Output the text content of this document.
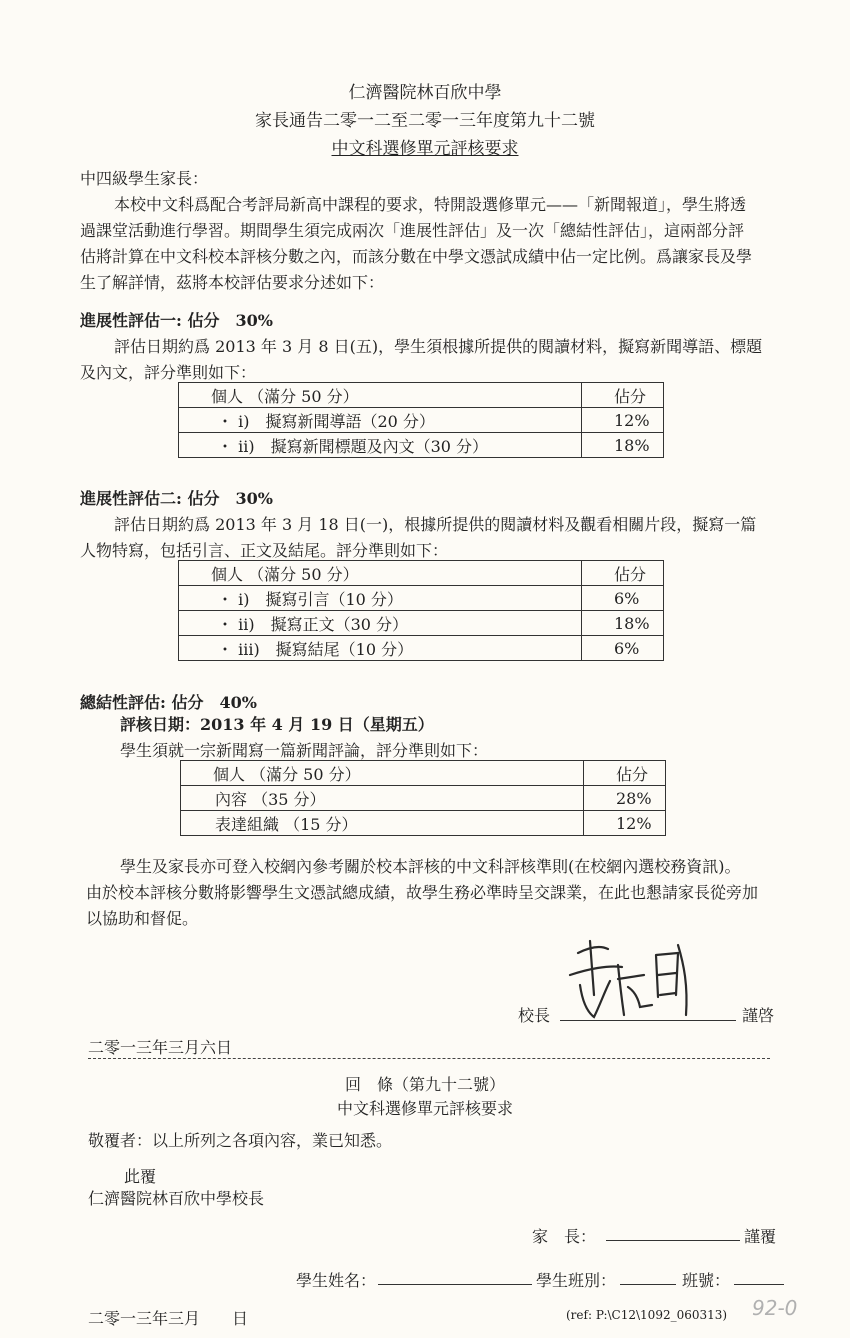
仁濟醫院林百欣中學
家長通告二零一二至二零一三年度第九十二號
中文科選修單元評核要求
中四級學生家長：
本校中文科爲配合考評局新高中課程的要求，特開設選修單元——「新聞報道」，學生將透
過課堂活動進行學習。期間學生須完成兩次「進展性評估」及一次「總結性評估」，這兩部分評
估將計算在中文科校本評核分數之內，而該分數在中學文憑試成績中佔一定比例。爲讓家長及學
生了解詳情，茲將本校評估要求分述如下：
進展性評估一: 佔分　30%
評估日期約爲 2013 年 3 月 8 日(五)，學生須根據所提供的閱讀材料，擬寫新聞導語、標題
及內文，評分準則如下：
個人 （滿分 50 分）	佔分
・ i)　擬寫新聞導語（20 分）	12%
・ ii)　擬寫新聞標題及內文（30 分）	18%
進展性評估二: 佔分　30%
評估日期約爲 2013 年 3 月 18 日(一)，根據所提供的閱讀材料及觀看相關片段，擬寫一篇
人物特寫，包括引言、正文及結尾。評分準則如下：
個人 （滿分 50 分）	佔分
・ i)　擬寫引言（10 分）	6%
・ ii)　擬寫正文（30 分）	18%
・ iii)　擬寫結尾（10 分）	6%
總結性評估: 佔分　40%
評核日期：2013 年 4 月 19 日（星期五）
學生須就一宗新聞寫一篇新聞評論，評分準則如下：
個人 （滿分 50 分）	佔分
內容 （35 分）	28%
表達組織 （15 分）	12%
學生及家長亦可登入校網內參考關於校本評核的中文科評核準則(在校網內選校務資訊)。
由於校本評核分數將影響學生文憑試總成績，故學生務必準時呈交課業，在此也懇請家長從旁加
以協助和督促。
校長	謹啓
二零一三年三月六日
回　條（第九十二號）
中文科選修單元評核要求
敬覆者：以上所列之各項內容，業已知悉。
此覆
仁濟醫院林百欣中學校長
家　長：	謹覆
學生姓名：	學生班別：	班號：
二零一三年三月　　日	(ref: P:\C12\1092_060313) 92-0
